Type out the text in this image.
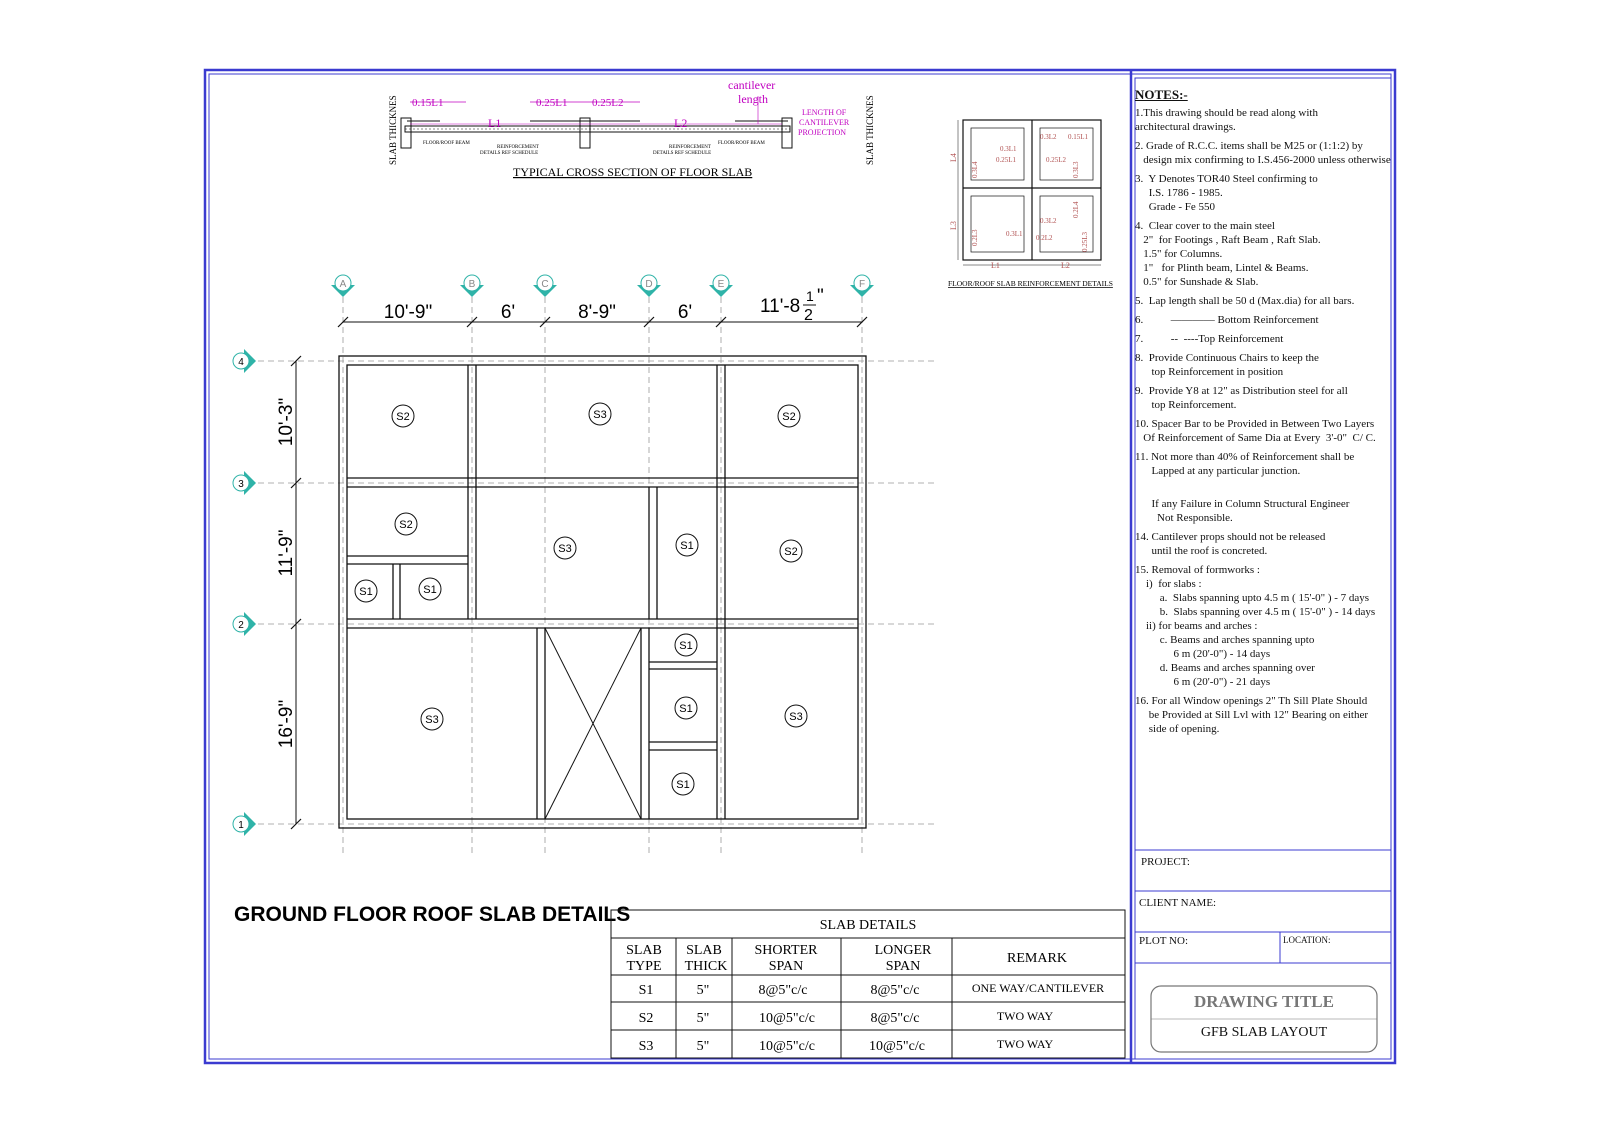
0.15L1	0.25L1 0.25L2
L1	L2
cantilever
length
LENGTH OF
CANTILEVER
PROJECTION
SLAB THICKNES	SLAB THICKNES
FLOOR/ROOF BEAM
REINFORCEMENT
DETAILS REF SCHEDULE
REINFORCEMENT
DETAILS REF SCHEDULE
FLOOR/ROOF BEAM
TYPICAL CROSS SECTION OF FLOOR SLAB
L1	L2
L3
L4
0.3L2 0.15L1
0.3L1
0.3L2
0.3L1 0.2L2
0.3L4
0.2L4
0.2L3
0.3L3
0.25L3
0.25L1	0.25L2
FLOOR/ROOF SLAB REINFORCEMENT DETAILS
S2	S3	S2
S2
S3	S1	S2
S1	S1
S3
S1
S1
S1
S3
A	B	C	D	E	F
4
3
2
1
10'-9"	6'	8'-9"	6'	11'-8 1
2
"
10'-3"
11'-9"
16'-9"
GROUND FLOOR ROOF SLAB DETAILS	SLAB DETAILS
SLAB
TYPE
SLAB
THICK
SHORTER
SPAN
LONGER
SPAN
REMARK
S1	5"	8@5"c/c	8@5"c/c	ONE WAY/CANTILEVER
S2	5"	10@5"c/c	8@5"c/c	TWO WAY
S3	5"	10@5"c/c	10@5"c/c	TWO WAY
NOTES:-
1.This drawing should be read along with
architectural drawings.
2. Grade of R.C.C. items shall be M25 or (1:1:2) by
design mix confirming to I.S.456-2000 unless otherwise
3.  Y Denotes TOR40 Steel confirming to
I.S. 1786 - 1985.
Grade - Fe 550
4.  Clear cover to the main steel
2"  for Footings , Raft Beam , Raft Slab.
1.5" for Columns.
1"   for Plinth beam, Lintel & Beams.
0.5" for Sunshade & Slab.
5.  Lap length shall be 50 d (Max.dia) for all bars.
6.          ———— Bottom Reinforcement
7.          --  ----Top Reinforcement
8.  Provide Continuous Chairs to keep the
top Reinforcement in position
9.  Provide Y8 at 12" as Distribution steel for all
top Reinforcement.
10. Spacer Bar to be Provided in Between Two Layers
Of Reinforcement of Same Dia at Every  3'-0"  C/ C.
11. Not more than 40% of Reinforcement shall be
Lapped at any particular junction.

If any Failure in Column Structural Engineer
Not Responsible.
14. Cantilever props should not be released
until the roof is concreted.
15. Removal of formworks :
i)  for slabs :
a.  Slabs spanning upto 4.5 m ( 15'-0" ) - 7 days
b.  Slabs spanning over 4.5 m ( 15'-0" ) - 14 days
ii) for beams and arches :
c. Beams and arches spanning upto
6 m (20'-0") - 14 days
d. Beams and arches spanning over
6 m (20'-0") - 21 days
16. For all Window openings 2" Th Sill Plate Should
be Provided at Sill Lvl with 12" Bearing on either
side of opening.
PROJECT:
CLIENT NAME:
PLOT NO:	LOCATION:
DRAWING TITLE
GFB SLAB LAYOUT
